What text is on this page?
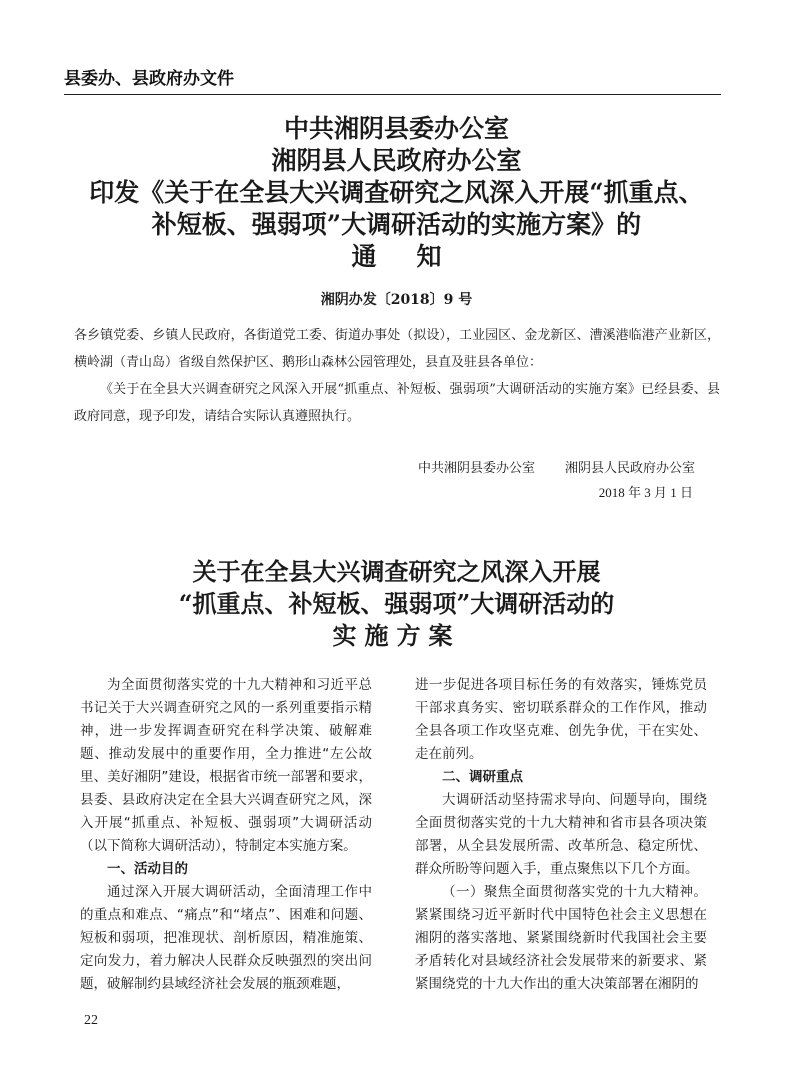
县委办、县政府办文件
中共湘阴县委办公室
湘阴县人民政府办公室
印发《关于在全县大兴调查研究之风深入开展“抓重点、
补短板、强弱项”大调研活动的实施方案》的
通知
湘阴办发〔2018〕9 号
各乡镇党委、乡镇人民政府，各街道党工委、街道办事处（拟设），工业园区、金龙新区、漕溪港临港产业新区，横岭湖（青山岛）省级自然保护区、鹅形山森林公园管理处，县直及驻县各单位：
《关于在全县大兴调查研究之风深入开展“抓重点、补短板、强弱项”大调研活动的实施方案》已经县委、县政府同意，现予印发，请结合实际认真遵照执行。
中共湘阴县委办公室 湘阴县人民政府办公室
2018 年 3 月 1 日
关于在全县大兴调查研究之风深入开展
“抓重点、补短板、强弱项”大调研活动的
实施方案

为全面贯彻落实党的十九大精神和习近平总书记关于大兴调查研究之风的一系列重要指示精神，进一步发挥调查研究在科学决策、破解难题、推动发展中的重要作用，全力推进“左公故里、美好湘阴”建设，根据省市统一部署和要求，县委、县政府决定在全县大兴调查研究之风，深入开展“抓重点、补短板、强弱项”大调研活动（以下简称大调研活动），特制定本实施方案。

一、活动目的

通过深入开展大调研活动，全面清理工作中的重点和难点、“痛点”和“堵点”、困难和问题、短板和弱项，把准现状、剖析原因，精准施策、定向发力，着力解决人民群众反映强烈的突出问题，破解制约县域经济社会发展的瓶颈难题，

进一步促进各项目标任务的有效落实，锤炼党员干部求真务实、密切联系群众的工作作风，推动全县各项工作攻坚克难、创先争优，干在实处、走在前列。

二、调研重点

大调研活动坚持需求导向、问题导向，围绕全面贯彻落实党的十九大精神和省市县各项决策部署，从全县发展所需、改革所急、稳定所忧、群众所盼等问题入手，重点聚焦以下几个方面。

（一）聚焦全面贯彻落实党的十九大精神。紧紧围绕习近平新时代中国特色社会主义思想在湘阴的落实落地、紧紧围绕新时代我国社会主要矛盾转化对县域经济社会发展带来的新要求、紧紧围绕党的十九大作出的重大决策部署在湘阴的

22
